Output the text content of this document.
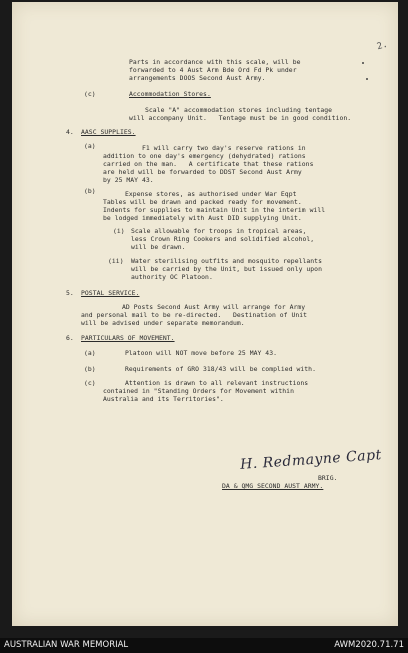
2.
Parts in accordance with this scale, will be
forwarded to 4 Aust Arm Bde Ord Fd Pk under
arrangements DOOS Second Aust Army.
(c)	Accommodation Stores.
Scale "A" accommodation stores including tentage
will accompany Unit.   Tentage must be in good condition.
4. AASC SUPPLIES.
(a)	F1 will carry two day's reserve rations in
addition to one day's emergency (dehydrated) rations
carried on the man.   A certificate that these rations
are held will be forwarded to DDST Second Aust Army
by 25 MAY 43.
(b)	Expense stores, as authorised under War Eqpt
Tables will be drawn and packed ready for movement.
Indents for supplies to maintain Unit in the interim will
be lodged immediately with Aust DID supplying Unit.
(i) Scale allowable for troops in tropical areas,
less Crown Ring Cookers and solidified alcohol,
will be drawn.
(ii) Water sterilising outfits and mosquito repellants
will be carried by the Unit, but issued only upon
authority OC Platoon.
5. POSTAL SERVICE.
AD Posts Second Aust Army will arrange for Army
and personal mail to be re-directed.   Destination of Unit
will be advised under separate memorandum.
6. PARTICULARS OF MOVEMENT.
(a)	Platoon will NOT move before 25 MAY 43.
(b)	Requirements of GRO 318/43 will be complied with.
(c)	Attention is drawn to all relevant instructions
contained in "Standing Orders for Movement within
Australia and its Territories".
H. Redmayne Capt
BRIG.
DA & QMG SECOND AUST ARMY.
AUSTRALIAN WAR MEMORIAL	AWM2020.71.71
